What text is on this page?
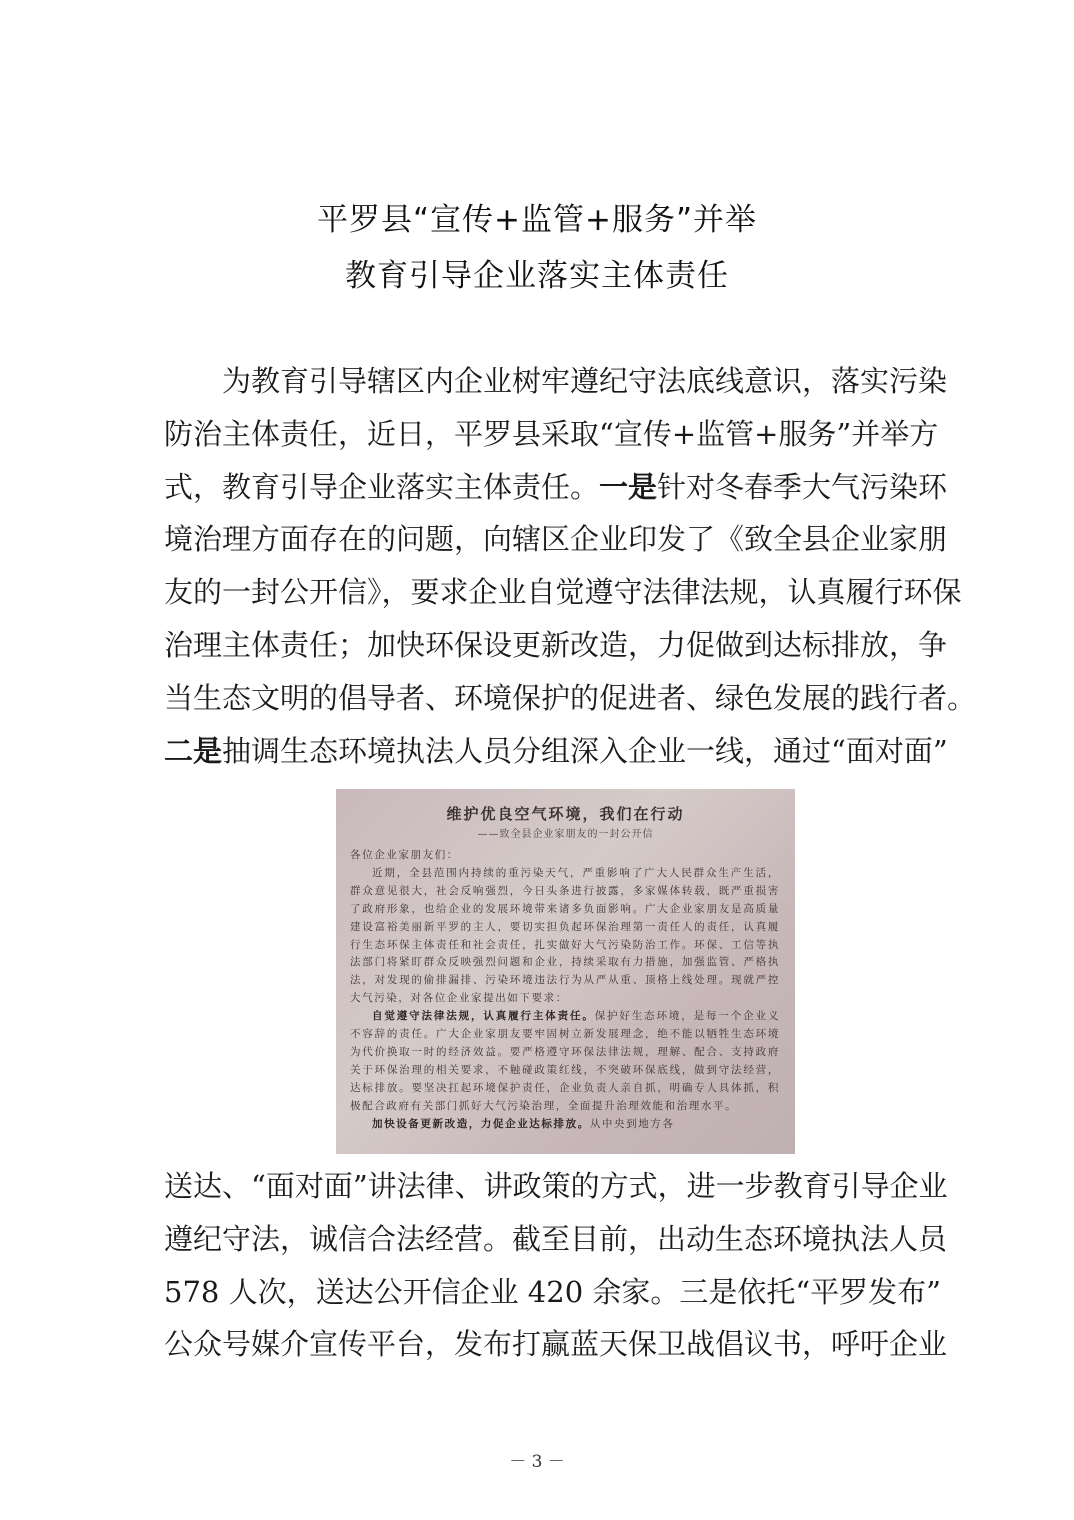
平罗县“宣传+监管+服务”并举
教育引导企业落实主体责任
为教育引导辖区内企业树牢遵纪守法底线意识，落实污染
防治主体责任，近日，平罗县采取“宣传+监管+服务”并举方
式，教育引导企业落实主体责任。一是针对冬春季大气污染环
境治理方面存在的问题，向辖区企业印发了《致全县企业家朋
友的一封公开信》，要求企业自觉遵守法律法规，认真履行环保
治理主体责任；加快环保设更新改造，力促做到达标排放，争
当生态文明的倡导者、环境保护的促进者、绿色发展的践行者。
二是抽调生态环境执法人员分组深入企业一线，通过“面对面”
维护优良空气环境，我们在行动
——致全县企业家朋友的一封公开信

各位企业家朋友们：

近期，全县范围内持续的重污染天气，严重影响了广大人民群众生产生活，群众意见很大，社会反响强烈，今日头条进行披露，多家媒体转载，既严重损害了政府形象，也给企业的发展环境带来诸多负面影响。广大企业家朋友是高质量建设富裕美丽新平罗的主人，要切实担负起环保治理第一责任人的责任，认真履行生态环保主体责任和社会责任，扎实做好大气污染防治工作。环保、工信等执法部门将紧盯群众反映强烈问题和企业，持续采取有力措施，加强监管、严格执法，对发现的偷排漏排、污染环境违法行为从严从重、顶格上线处理。现就严控大气污染，对各位企业家提出如下要求：

自觉遵守法律法规，认真履行主体责任。保护好生态环境，是每一个企业义不容辞的责任。广大企业家朋友要牢固树立新发展理念，绝不能以牺牲生态环境为代价换取一时的经济效益。要严格遵守环保法律法规，理解、配合、支持政府关于环保治理的相关要求，不触碰政策红线，不突破环保底线，做到守法经营，达标排放。要坚决扛起环境保护责任，企业负责人亲自抓，明确专人具体抓，积极配合政府有关部门抓好大气污染治理，全面提升治理效能和治理水平。

加快设备更新改造，力促企业达标排放。从中央到地方各

送达、“面对面”讲法律、讲政策的方式，进一步教育引导企业
遵纪守法，诚信合法经营。截至目前，出动生态环境执法人员
578 人次，送达公开信企业 420 余家。三是依托“平罗发布”
公众号媒介宣传平台，发布打赢蓝天保卫战倡议书，呼吁企业
－ 3 －
